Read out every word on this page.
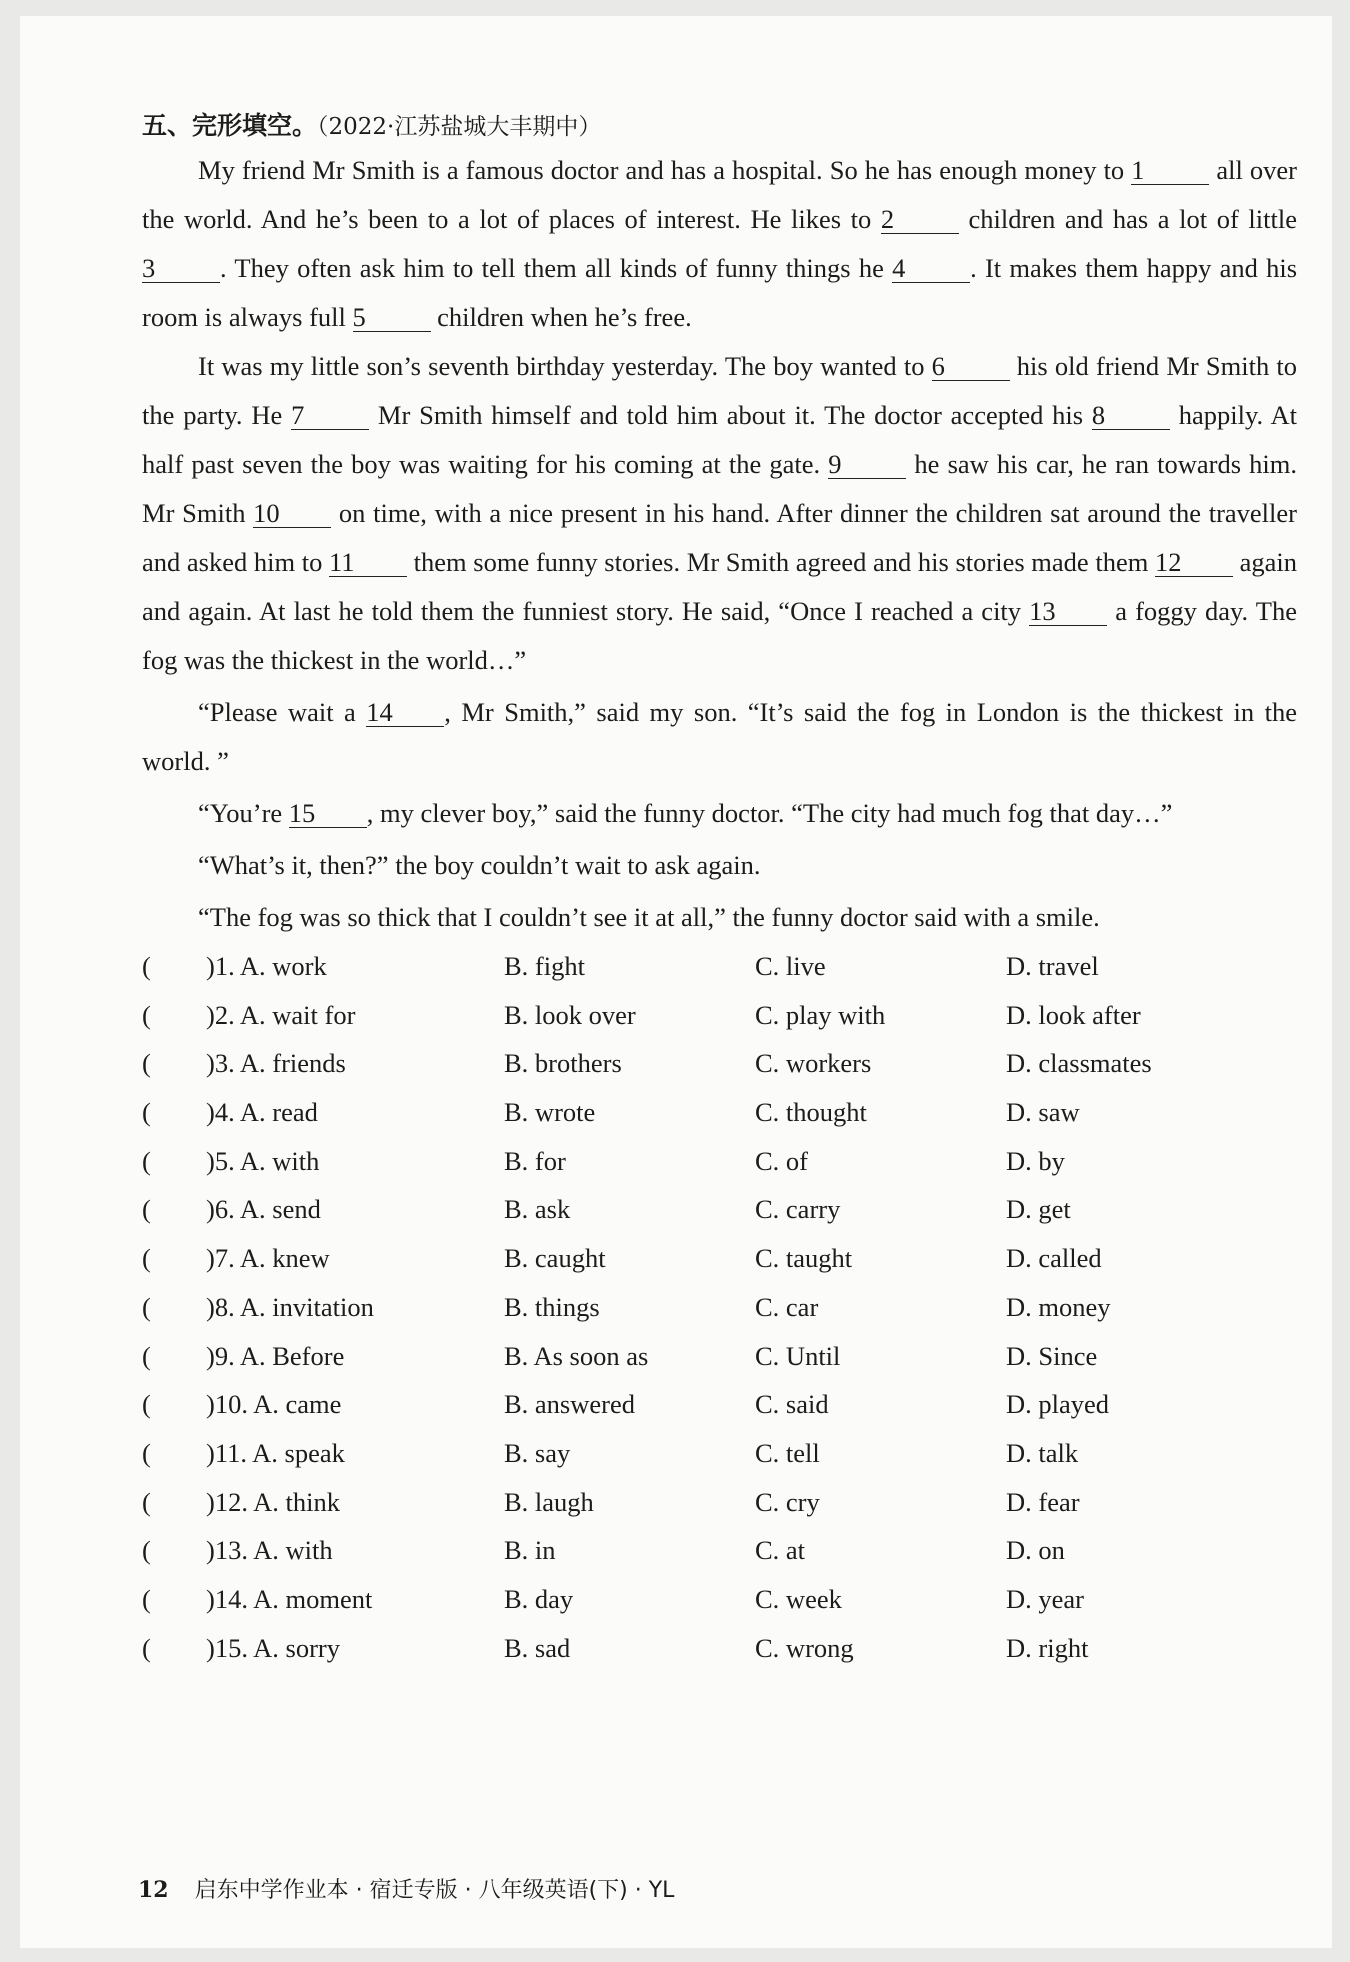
五、完形填空。（2022·江苏盐城大丰期中）

My friend Mr Smith is a famous doctor and has a hospital. So he has enough money to 1 all over the world. And he’s been to a lot of places of interest. He likes to 2 children and has a lot of little 3 . They often ask him to tell them all kinds of funny things he 4 . It makes them happy and his room is always full 5 children when he’s free.

It was my little son’s seventh birthday yesterday. The boy wanted to 6 his old friend Mr Smith to the party. He 7 Mr Smith himself and told him about it. The doctor accepted his 8 happily. At half past seven the boy was waiting for his coming at the gate. 9 he saw his car, he ran towards him. Mr Smith 10 on time, with a nice present in his hand. After dinner the children sat around the traveller and asked him to 11 them some funny stories. Mr Smith agreed and his stories made them 12 again and again. At last he told them the funniest story. He said, “Once I reached a city 13 a foggy day. The fog was the thickest in the world…”

“Please wait a 14 , Mr Smith,” said my son. “It’s said the fog in London is the thickest in the world. ”

“You’re 15 , my clever boy,” said the funny doctor. “The city had much fog that day…”

“What’s it, then?” the boy couldn’t wait to ask again.

“The fog was so thick that I couldn’t see it at all,” the funny doctor said with a smile.

( )1. A. work	B. fight	C. live	D. travel
( )2. A. wait for	B. look over	C. play with	D. look after
( )3. A. friends	B. brothers	C. workers	D. classmates
( )4. A. read	B. wrote	C. thought	D. saw
( )5. A. with	B. for	C. of	D. by
( )6. A. send	B. ask	C. carry	D. get
( )7. A. knew	B. caught	C. taught	D. called
( )8. A. invitation	B. things	C. car	D. money
( )9. A. Before	B. As soon as	C. Until	D. Since
( )10. A. came	B. answered	C. said	D. played
( )11. A. speak	B. say	C. tell	D. talk
( )12. A. think	B. laugh	C. cry	D. fear
( )13. A. with	B. in	C. at	D. on
( )14. A. moment	B. day	C. week	D. year
( )15. A. sorry	B. sad	C. wrong	D. right
12 启东中学作业本 · 宿迁专版 · 八年级英语(下) · YL
